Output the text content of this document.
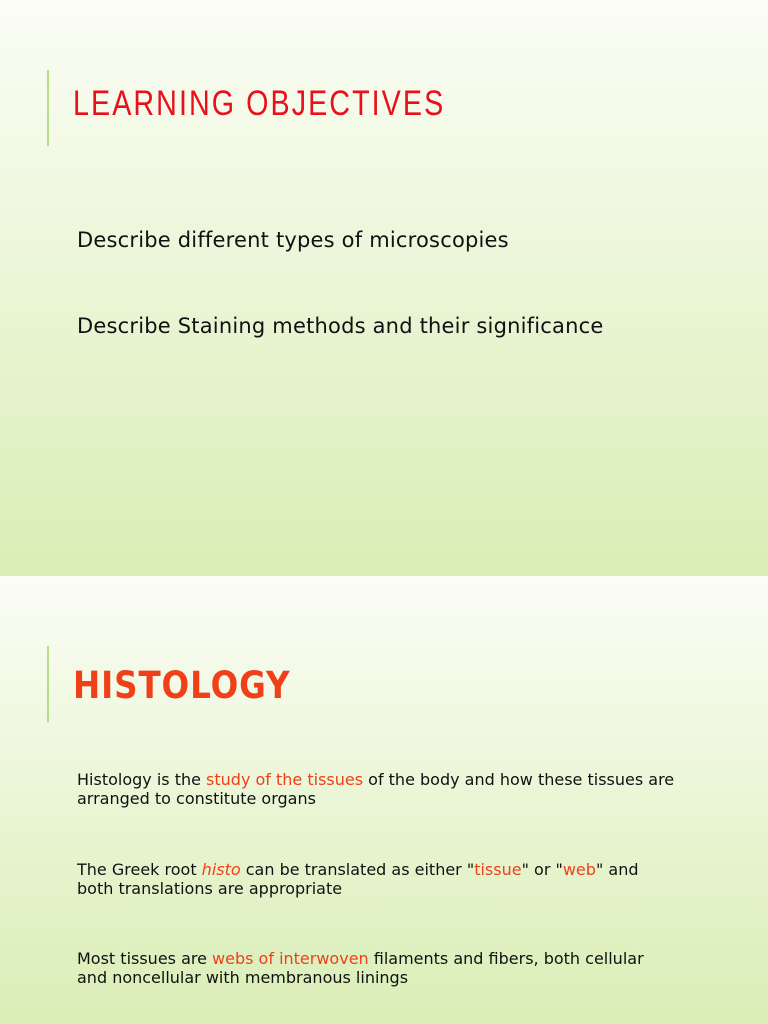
LEARNING OBJECTIVES
Describe different types of microscopies
Describe Staining methods and their significance
HISTOLOGY

Histology is the study of the tissues of the body and how these tissues are arranged to constitute organs

The Greek root histo can be translated as either "tissue" or "web" and both translations are appropriate

Most tissues are webs of interwoven filaments and fibers, both cellular and noncellular with membranous linings
